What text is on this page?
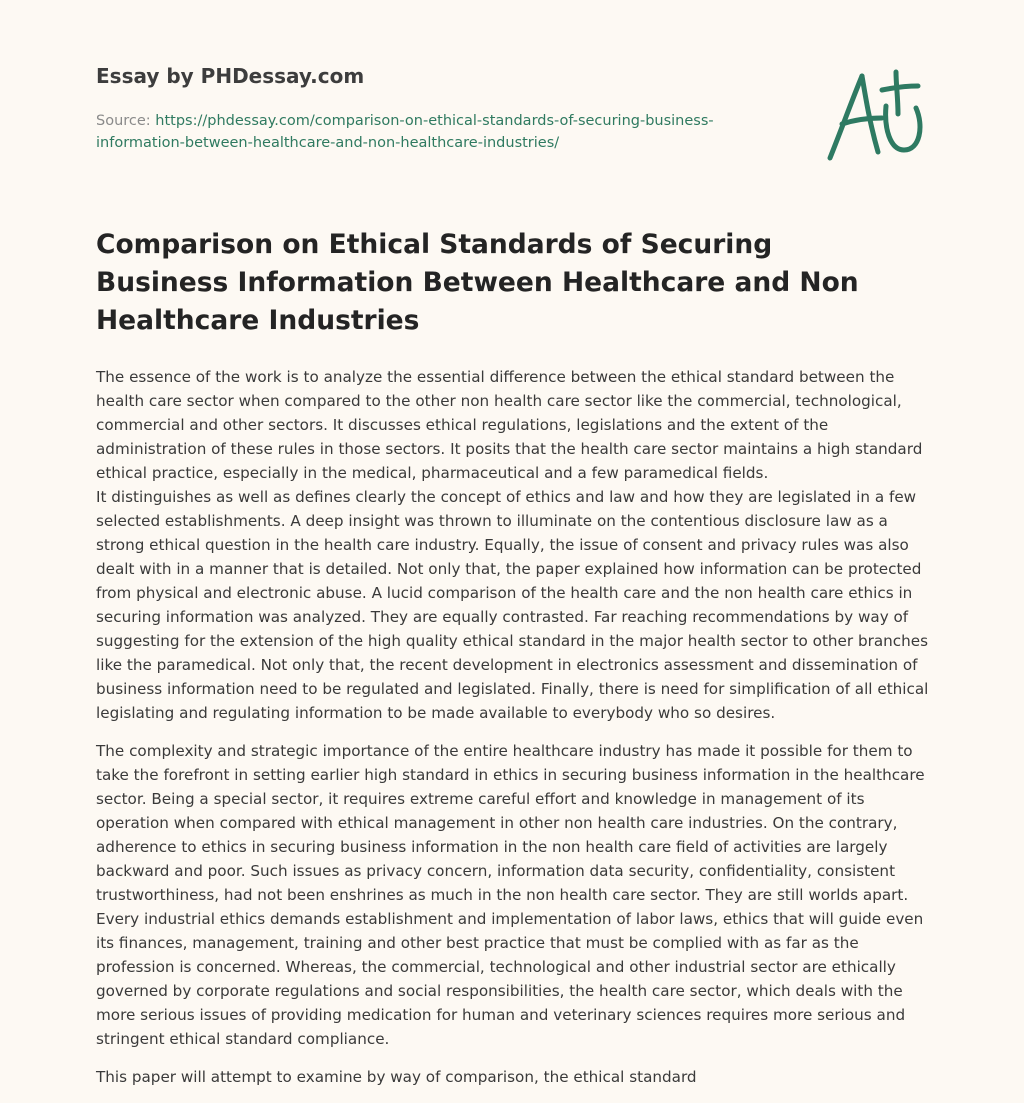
Essay by PHDessay.com
Source: https://phdessay.com/comparison-on-ethical-standards-of-securing-business-information-between-healthcare-and-non-healthcare-industries/
Comparison on Ethical Standards of Securing Business Information Between Healthcare and Non Healthcare Industries

The essence of the work is to analyze the essential difference between the ethical standard between the health care sector when compared to the other non health care sector like the commercial, technological, commercial and other sectors. It discusses ethical regulations, legislations and the extent of the administration of these rules in those sectors. It posits that the health care sector maintains a high standard ethical practice, especially in the medical, pharmaceutical and a few paramedical fields.

It distinguishes as well as defines clearly the concept of ethics and law and how they are legislated in a few selected establishments. A deep insight was thrown to illuminate on the contentious disclosure law as a strong ethical question in the health care industry. Equally, the issue of consent and privacy rules was also dealt with in a manner that is detailed. Not only that, the paper explained how information can be protected from physical and electronic abuse. A lucid comparison of the health care and the non health care ethics in securing information was analyzed. They are equally contrasted. Far reaching recommendations by way of suggesting for the extension of the high quality ethical standard in the major health sector to other branches like the paramedical. Not only that, the recent development in electronics assessment and dissemination of business information need to be regulated and legislated. Finally, there is need for simplification of all ethical legislating and regulating information to be made available to everybody who so desires.

The complexity and strategic importance of the entire healthcare industry has made it possible for them to take the forefront in setting earlier high standard in ethics in securing business information in the healthcare sector. Being a special sector, it requires extreme careful effort and knowledge in management of its operation when compared with ethical management in other non health care industries. On the contrary, adherence to ethics in securing business information in the non health care field of activities are largely backward and poor. Such issues as privacy concern, information data security, confidentiality, consistent trustworthiness, had not been enshrines as much in the non health care sector. They are still worlds apart. Every industrial ethics demands establishment and implementation of labor laws, ethics that will guide even its finances, management, training and other best practice that must be complied with as far as the profession is concerned. Whereas, the commercial, technological and other industrial sector are ethically governed by corporate regulations and social responsibilities, the health care sector, which deals with the more serious issues of providing medication for human and veterinary sciences requires more serious and stringent ethical standard compliance.

This paper will attempt to examine by way of comparison, the ethical standard
